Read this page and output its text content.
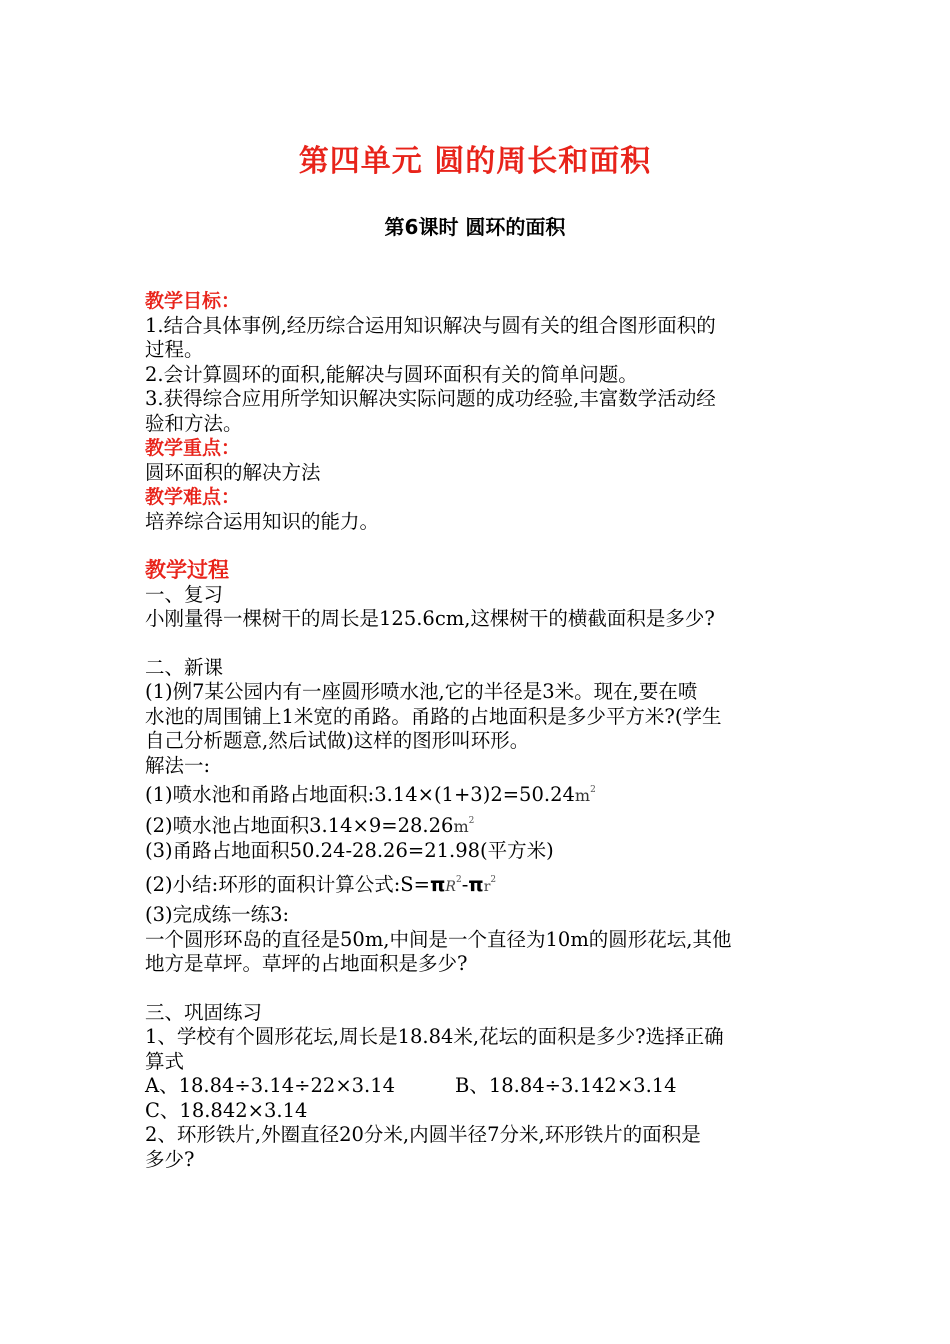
第四单元 圆的周长和面积
第6课时 圆环的面积
教学目标：
1.结合具体事例,经历综合运用知识解决与圆有关的组合图形面积的
过程。
2.会计算圆环的面积,能解决与圆环面积有关的简单问题。
3.获得综合应用所学知识解决实际问题的成功经验,丰富数学活动经
验和方法。
教学重点：
圆环面积的解决方法
教学难点：
培养综合运用知识的能力。
教学过程
一、复习
小刚量得一棵树干的周长是125.6cm,这棵树干的横截面积是多少?
二、新课
(1)例7某公园内有一座圆形喷水池,它的半径是3米。现在,要在喷
水池的周围铺上1米宽的甬路。甬路的占地面积是多少平方米?(学生
自己分析题意,然后试做)这样的图形叫环形。
解法一:
(1)喷水池和甬路占地面积$:3.14\times(1+3)2=50.24m^2$
(2)喷水池占地面积$3.14\times 9=28.26m^2$
(3)甬路占地面积50.24-28.26=21.98(平方米)
(2)小结:环形的面积计算公式$:S=\pi R^2-\pi r^2$
(3)完成练一练3:
一个圆形环岛的直径是50m,中间是一个直径为10m的圆形花坛,其他
地方是草坪。草坪的占地面积是多少?
三、巩固练习
1、学校有个圆形花坛,周长是18.84米,花坛的面积是多少?选择正确
算式
A、18.84÷3.14÷22×3.14	B、18.84÷3.142×3.14
C、18.842×3.14
2、环形铁片,外圈直径20分米,内圆半径7分米,环形铁片的面积是
多少?
